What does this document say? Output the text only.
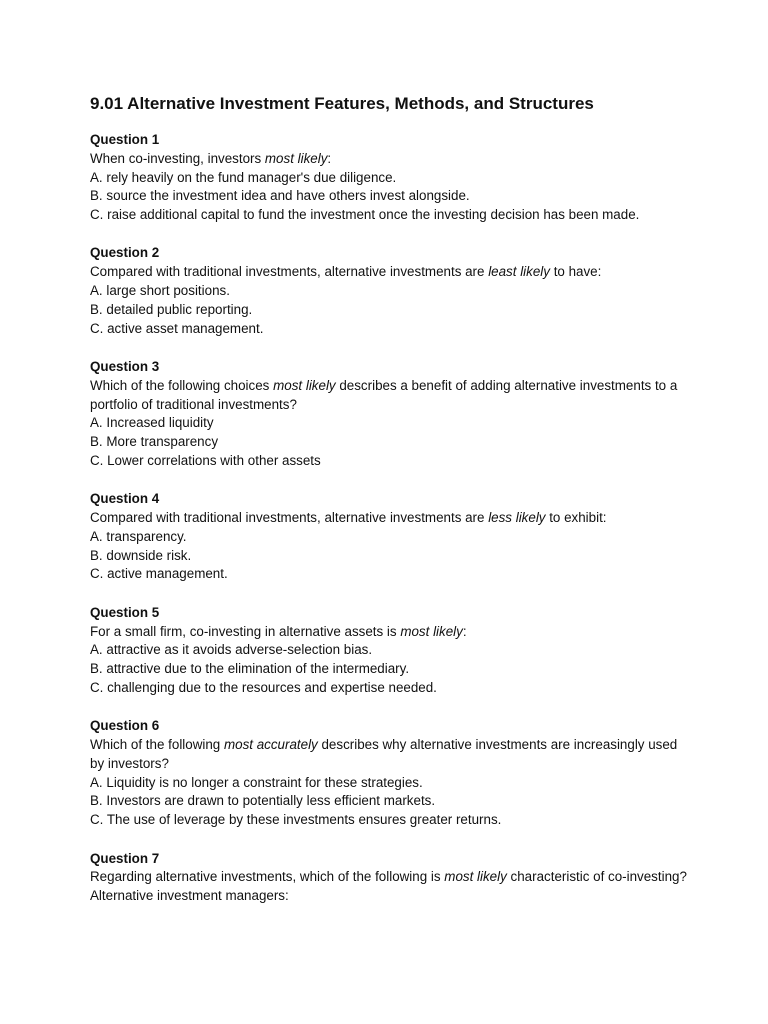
9.01 Alternative Investment Features, Methods, and Structures
Question 1
When co-investing, investors most likely:
A. rely heavily on the fund manager's due diligence.
B. source the investment idea and have others invest alongside.
C. raise additional capital to fund the investment once the investing decision has been made.
Question 2
Compared with traditional investments, alternative investments are least likely to have:
A. large short positions.
B. detailed public reporting.
C. active asset management.
Question 3
Which of the following choices most likely describes a benefit of adding alternative investments to a portfolio of traditional investments?
A. Increased liquidity
B. More transparency
C. Lower correlations with other assets
Question 4
Compared with traditional investments, alternative investments are less likely to exhibit:
A. transparency.
B. downside risk.
C. active management.
Question 5
For a small firm, co-investing in alternative assets is most likely:
A. attractive as it avoids adverse-selection bias.
B. attractive due to the elimination of the intermediary.
C. challenging due to the resources and expertise needed.
Question 6
Which of the following most accurately describes why alternative investments are increasingly used by investors?
A. Liquidity is no longer a constraint for these strategies.
B. Investors are drawn to potentially less efficient markets.
C. The use of leverage by these investments ensures greater returns.
Question 7
Regarding alternative investments, which of the following is most likely characteristic of co-investing? Alternative investment managers:
